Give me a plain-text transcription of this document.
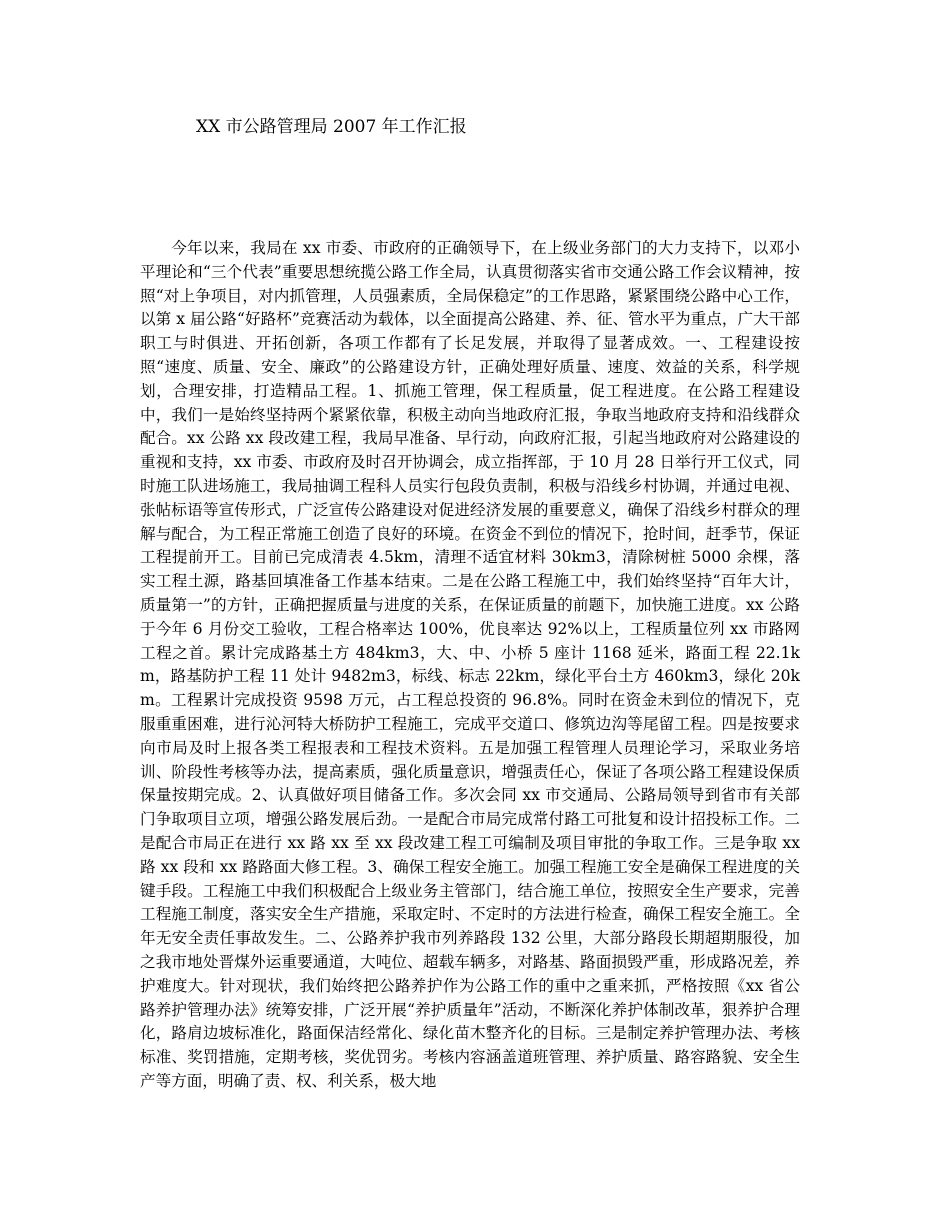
XX 市公路管理局 2007 年工作汇报

今年以来，我局在 xx 市委、市政府的正确领导下，在上级业务部门的大力支持下，以邓小平理论和“三个代表”重要思想统揽公路工作全局，认真贯彻落实省市交通公路工作会议精神，按照“对上争项目，对内抓管理，人员强素质，全局保稳定”的工作思路，紧紧围绕公路中心工作，以第 x 届公路“好路杯”竞赛活动为载体，以全面提高公路建、养、征、管水平为重点，广大干部职工与时俱进、开拓创新，各项工作都有了长足发展，并取得了显著成效。一、工程建设按照“速度、质量、安全、廉政”的公路建设方针，正确处理好质量、速度、效益的关系，科学规划，合理安排，打造精品工程。1、抓施工管理，保工程质量，促工程进度。在公路工程建设中，我们一是始终坚持两个紧紧依靠，积极主动向当地政府汇报，争取当地政府支持和沿线群众配合。xx 公路 xx 段改建工程，我局早准备、早行动，向政府汇报，引起当地政府对公路建设的重视和支持，xx 市委、市政府及时召开协调会，成立指挥部，于 10 月 28 日举行开工仪式，同时施工队进场施工，我局抽调工程科人员实行包段负责制，积极与沿线乡村协调，并通过电视、张帖标语等宣传形式，广泛宣传公路建设对促进经济发展的重要意义，确保了沿线乡村群众的理解与配合，为工程正常施工创造了良好的环境。在资金不到位的情况下，抢时间，赶季节，保证工程提前开工。目前已完成清表 4.5km，清理不适宜材料 30km3，清除树桩 5000 余棵，落实工程土源，路基回填准备工作基本结束。二是在公路工程施工中，我们始终坚持“百年大计，质量第一”的方针，正确把握质量与进度的关系，在保证质量的前题下，加快施工进度。xx 公路于今年 6 月份交工验收，工程合格率达 100%，优良率达 92%以上，工程质量位列 xx 市路网工程之首。累计完成路基土方 484km3，大、中、小桥 5 座计 1168 延米，路面工程 22.1km，路基防护工程 11 处计 9482m3，标线、标志 22km，绿化平台土方 460km3，绿化 20km。工程累计完成投资 9598 万元，占工程总投资的 96.8%。同时在资金未到位的情况下，克服重重困难，进行沁河特大桥防护工程施工，完成平交道口、修筑边沟等尾留工程。四是按要求向市局及时上报各类工程报表和工程技术资料。五是加强工程管理人员理论学习，采取业务培训、阶段性考核等办法，提高素质，强化质量意识，增强责任心，保证了各项公路工程建设保质保量按期完成。2、认真做好项目储备工作。多次会同 xx 市交通局、公路局领导到省市有关部门争取项目立项，增强公路发展后劲。一是配合市局完成常付路工可批复和设计招投标工作。二是配合市局正在进行 xx 路 xx 至 xx 段改建工程工可编制及项目审批的争取工作。三是争取 xx 路 xx 段和 xx 路路面大修工程。3、确保工程安全施工。加强工程施工安全是确保工程进度的关键手段。工程施工中我们积极配合上级业务主管部门，结合施工单位，按照安全生产要求，完善工程施工制度，落实安全生产措施，采取定时、不定时的方法进行检查，确保工程安全施工。全年无安全责任事故发生。二、公路养护我市列养路段 132 公里，大部分路段长期超期服役，加之我市地处晋煤外运重要通道，大吨位、超载车辆多，对路基、路面损毁严重，形成路况差，养护难度大。针对现状，我们始终把公路养护作为公路工作的重中之重来抓，严格按照《xx 省公路养护管理办法》统筹安排，广泛开展“养护质量年”活动，不断深化养护体制改革，狠养护合理化，路肩边坡标准化，路面保洁经常化、绿化苗木整齐化的目标。三是制定养护管理办法、考核标准、奖罚措施，定期考核，奖优罚劣。考核内容涵盖道班管理、养护质量、路容路貌、安全生产等方面，明确了责、权、利关系，极大地
